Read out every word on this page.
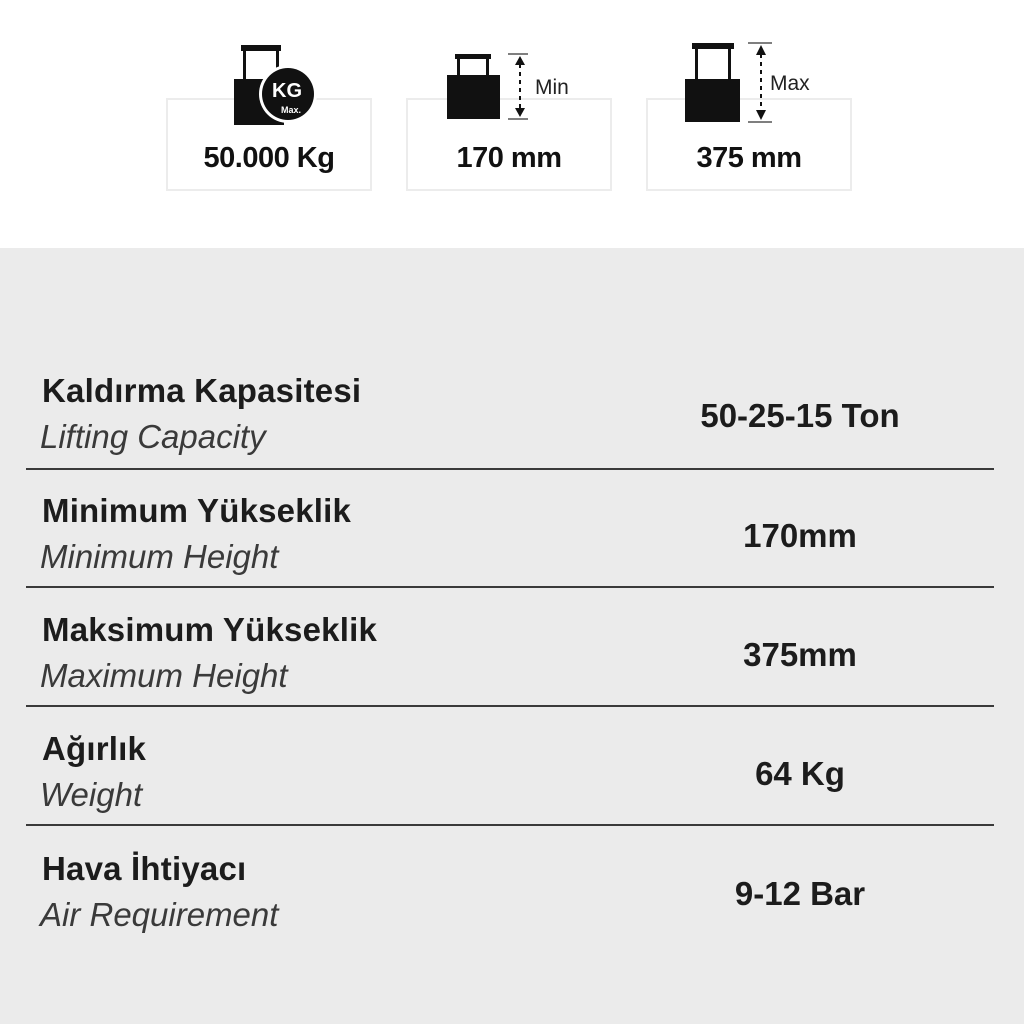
50.000 Kg
KG
Max.
170 mm
Min
375 mm
Max
Kaldırma Kapasitesi
Lifting Capacity
50-25-15 Ton
Minimum Yükseklik
Minimum Height
170mm
Maksimum Yükseklik
Maximum Height
375mm
Ağırlık
Weight
64 Kg
Hava İhtiyacı
Air Requirement
9-12 Bar
